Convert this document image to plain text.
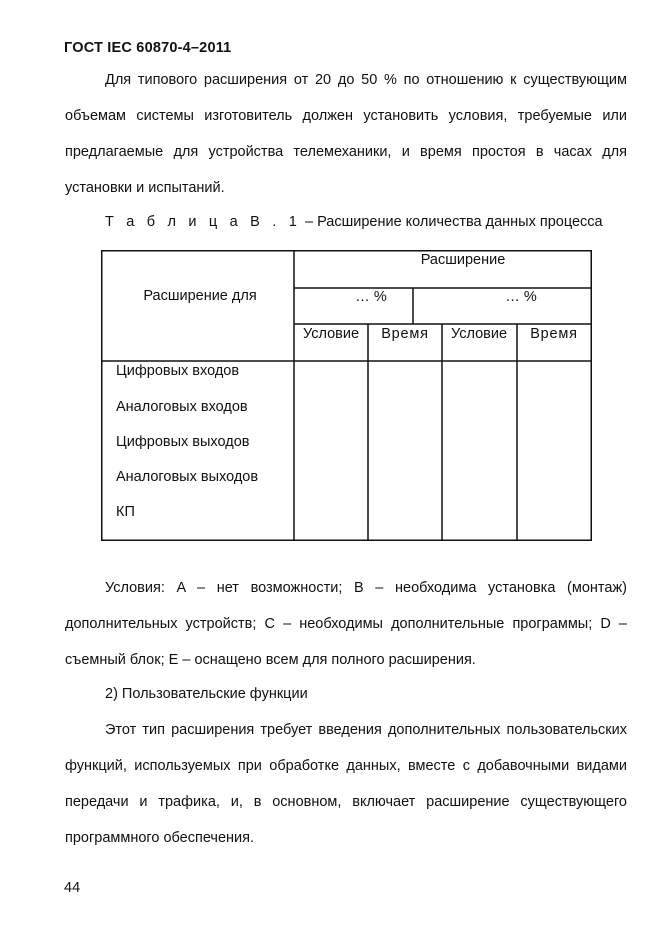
ГОСТ IEC 60870-4–2011

Для типового расширения от 20 до 50 % по отношению к существующим объемам системы изготовитель должен установить условия, требуемые или предлагаемые для устройства телемеханики, и время простоя в часах для установки и испытаний.

Т а б л и ц а В . 1 – Расширение количества данных процесса
Расширение для
Расширение
… %	… %
Условие Время Условие Время
Цифровых входов
Аналоговых входов
Цифровых выходов
Аналоговых выходов
КП

Условия: A – нет возможности; B – необходима установка (монтаж) дополнительных устройств; C – необходимы дополнительные программы; D – съемный блок; E – оснащено всем для полного расширения.

2) Пользовательские функции

Этот тип расширения требует введения дополнительных пользовательских функций, используемых при обработке данных, вместе с добавочными видами передачи и трафика, и, в основном, включает расширение существующего программного обеспечения.

44
